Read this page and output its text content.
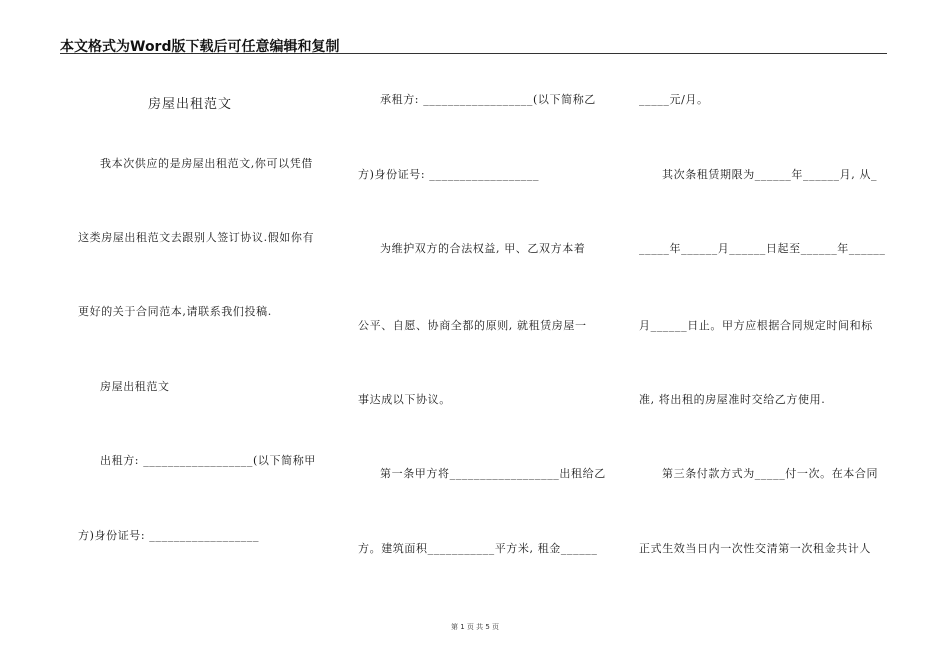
本文格式为Word版下载后可任意编辑和复制
房屋出租范文
我本次供应的是房屋出租范文,你可以凭借
这类房屋出租范文去跟别人签订协议.假如你有
更好的关于合同范本,请联系我们投稿.
房屋出租范文
出租方: __________________(以下简称甲
方)身份证号: __________________
承租方: __________________(以下简称乙
方)身份证号: __________________
为维护双方的合法权益, 甲、乙双方本着
公平、自愿、协商全都的原则, 就租赁房屋一
事达成以下协议。
第一条甲方将__________________出租给乙
方。建筑面积___________平方米, 租金______
_____元/月。
其次条租赁期限为______年______月, 从_
_____年______月______日起至______年______
月______日止。甲方应根据合同规定时间和标
准, 将出租的房屋准时交给乙方使用.
第三条付款方式为_____付一次。在本合同
正式生效当日内一次性交清第一次租金共计人
第 1 页 共 5 页
